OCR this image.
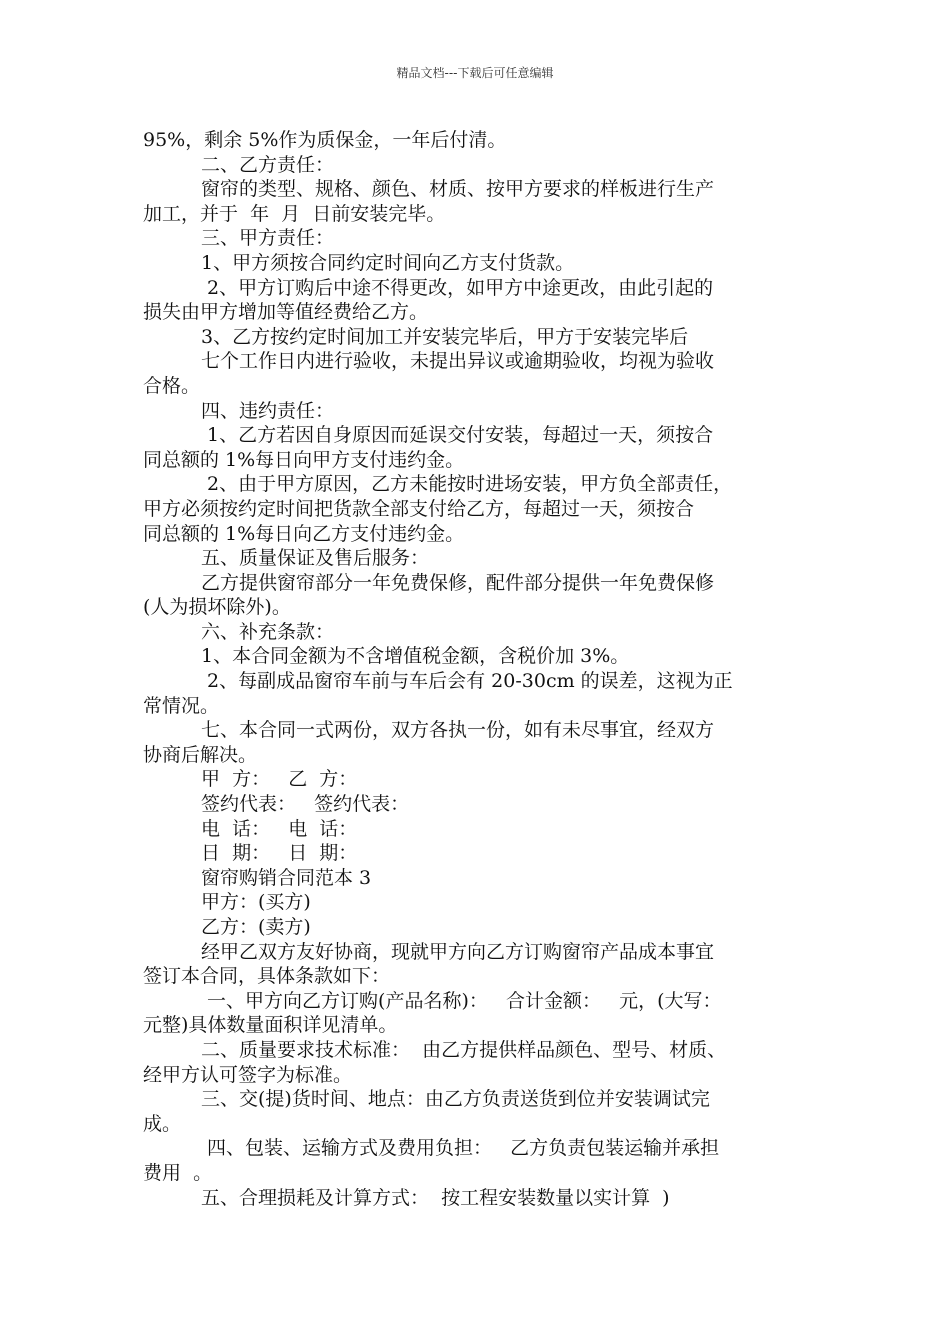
精品文档---下载后可任意编辑
95%，剩余 5%作为质保金，一年后付清。
二、乙方责任：
窗帘的类型、规格、颜色、材质、按甲方要求的样板进行生产
加工，并于  年  月  日前安装完毕。
三、甲方责任：
1、甲方须按合同约定时间向乙方支付货款。
2、甲方订购后中途不得更改，如甲方中途更改，由此引起的
损失由甲方增加等值经费给乙方。
3、乙方按约定时间加工并安装完毕后，甲方于安装完毕后
七个工作日内进行验收，未提出异议或逾期验收，均视为验收
合格。
四、违约责任：
1、乙方若因自身原因而延误交付安装，每超过一天，须按合
同总额的 1%每日向甲方支付违约金。
2、由于甲方原因，乙方未能按时进场安装，甲方负全部责任，
甲方必须按约定时间把货款全部支付给乙方，每超过一天，须按合
同总额的 1%每日向乙方支付违约金。
五、质量保证及售后服务：
乙方提供窗帘部分一年免费保修，配件部分提供一年免费保修
(人为损坏除外)。
六、补充条款：
1、本合同金额为不含增值税金额，含税价加 3%。
2、每副成品窗帘车前与车后会有 20-30cm 的误差，这视为正
常情况。
七、本合同一式两份，双方各执一份，如有未尽事宜，经双方
协商后解决。
甲  方：   乙  方：
签约代表：   签约代表：
电  话：   电  话：
日  期：   日  期：
窗帘购销合同范本 3
甲方：(买方)
乙方：(卖方)
经甲乙双方友好协商，现就甲方向乙方订购窗帘产品成本事宜
签订本合同，具体条款如下：
一、甲方向乙方订购(产品名称)：   合计金额：   元，(大写：
元整)具体数量面积详见清单。
二、质量要求技术标准：  由乙方提供样品颜色、型号、材质、
经甲方认可签字为标准。
三、交(提)货时间、地点：由乙方负责送货到位并安装调试完
成。
四、包装、运输方式及费用负担：   乙方负责包装运输并承担
费用  。
五、合理损耗及计算方式：  按工程安装数量以实计算  )
